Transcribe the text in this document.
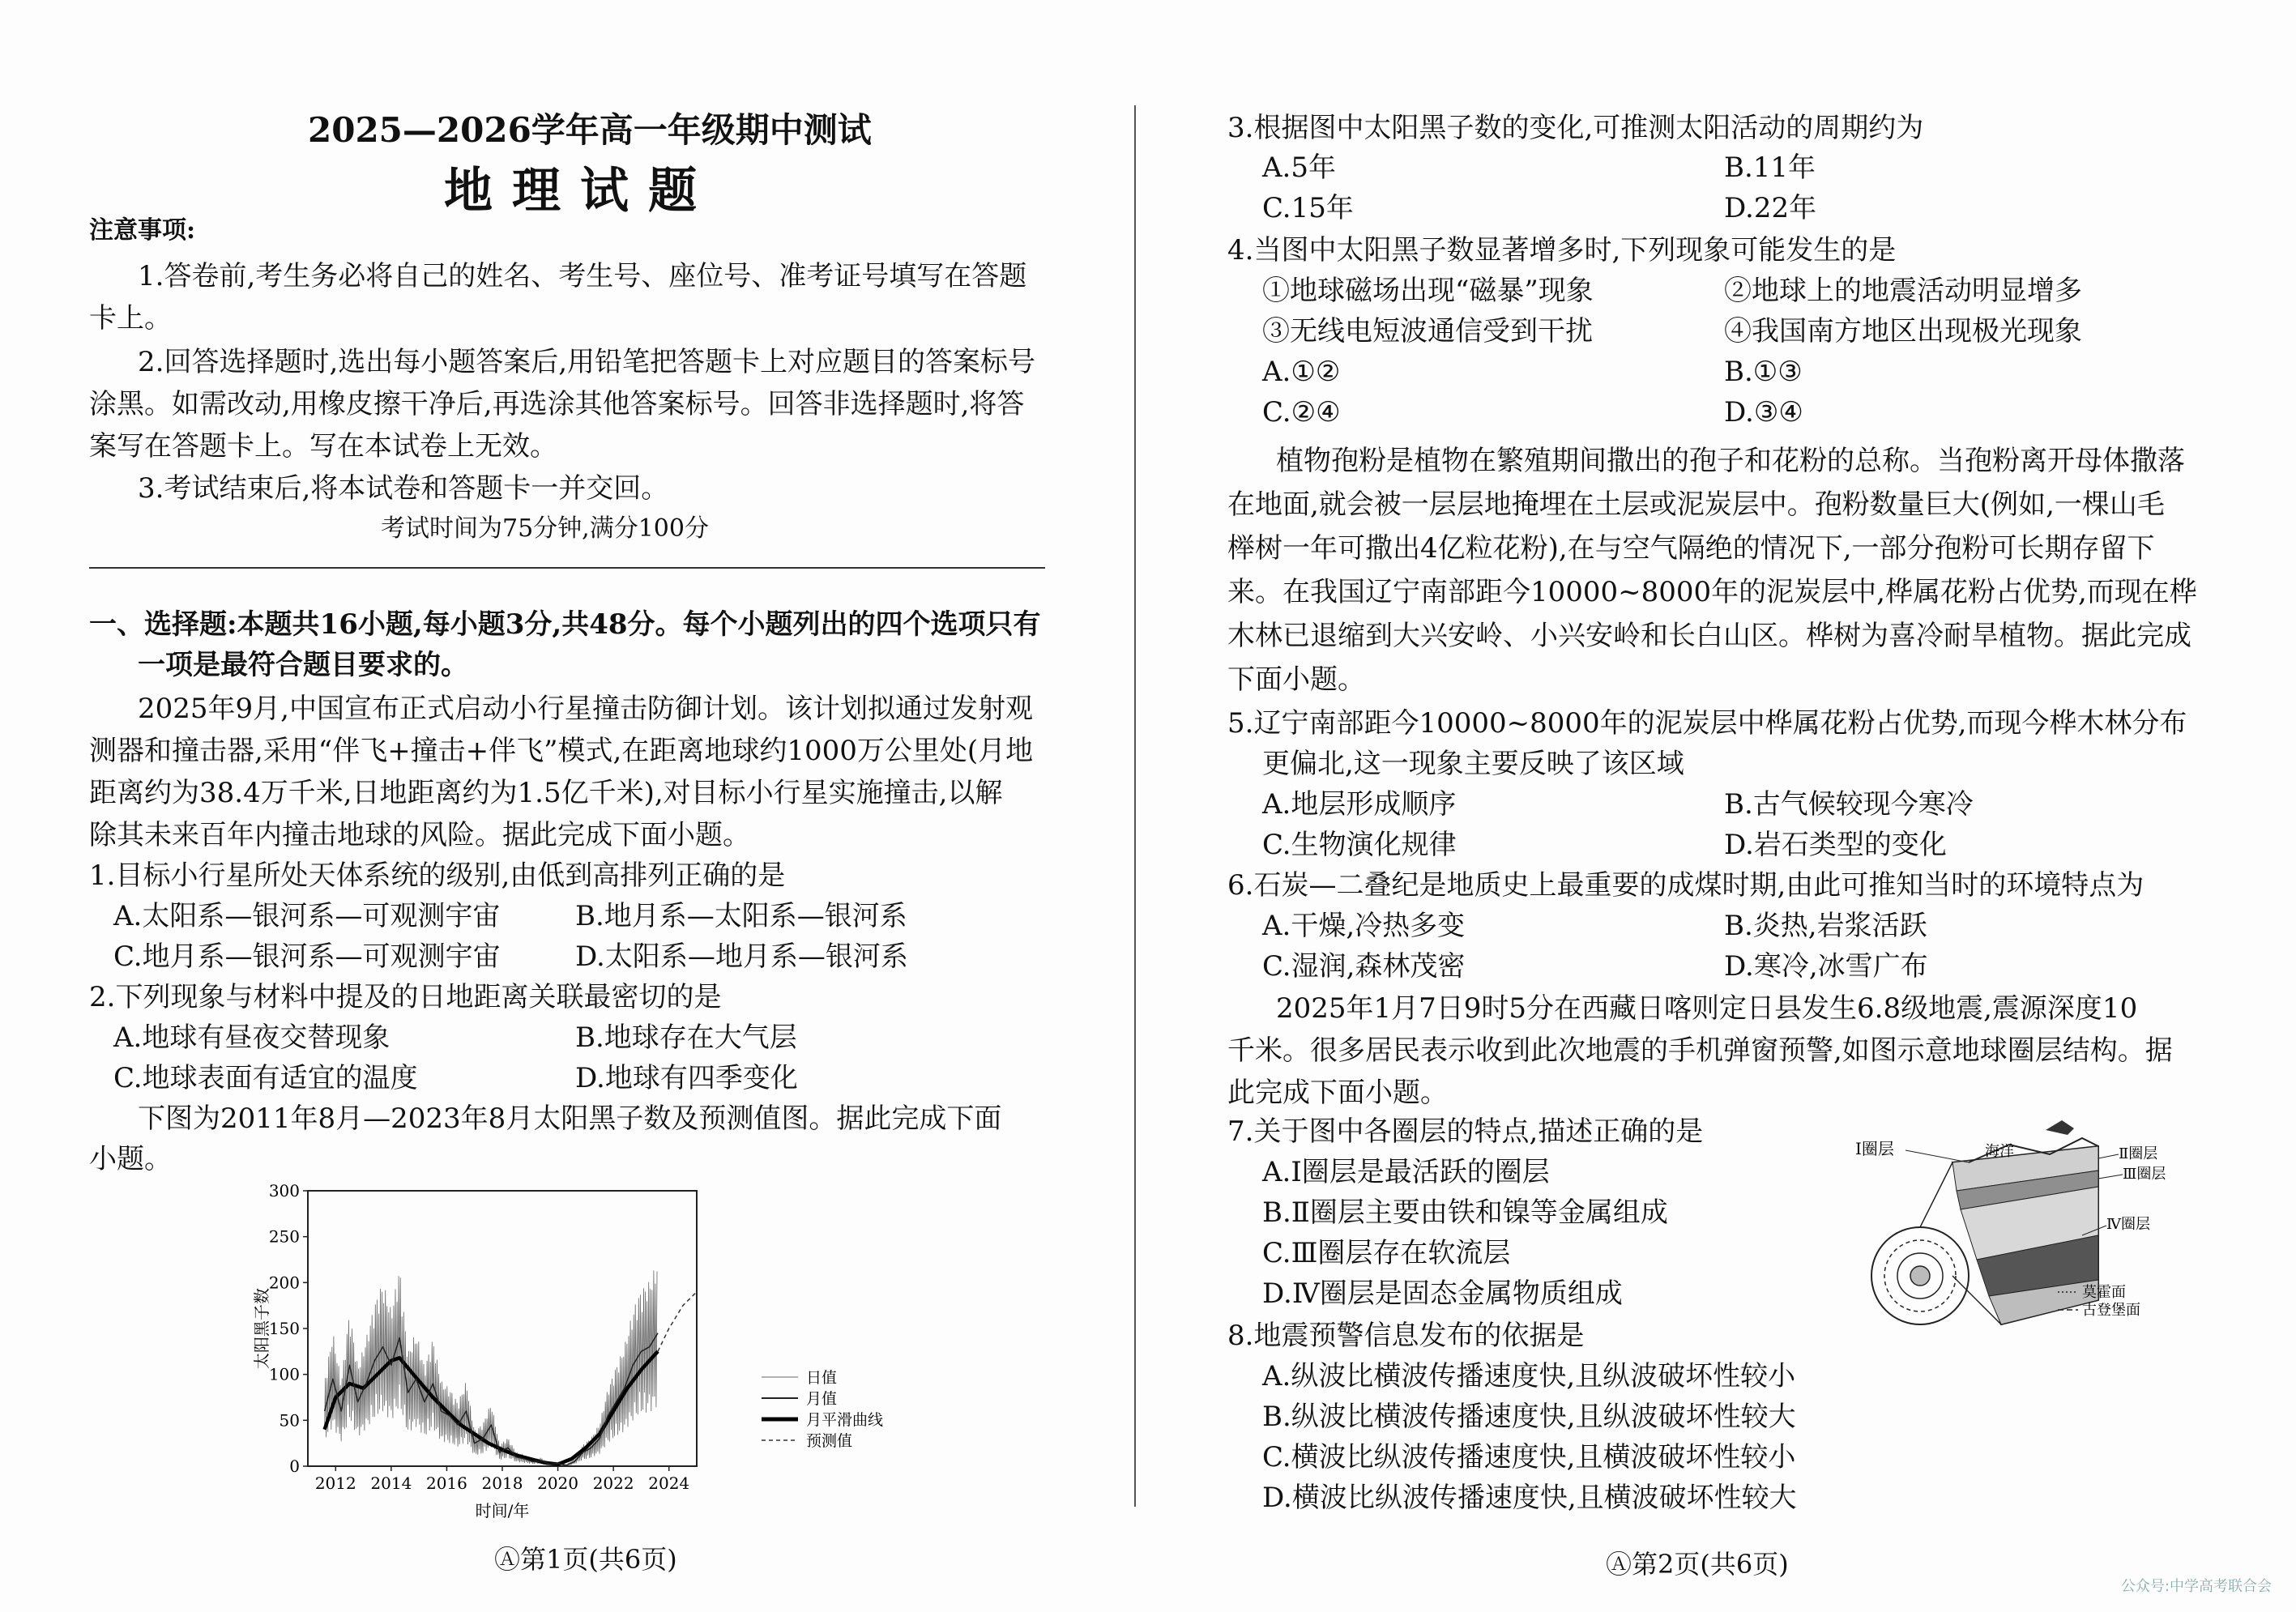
2025—2026学年高一年级期中测试
地理试题
注意事项:
1.答卷前,考生务必将自己的姓名、考生号、座位号、准考证号填写在答题
卡上。
2.回答选择题时,选出每小题答案后,用铅笔把答题卡上对应题目的答案标号
涂黑。如需改动,用橡皮擦干净后,再选涂其他答案标号。回答非选择题时,将答
案写在答题卡上。写在本试卷上无效。
3.考试结束后,将本试卷和答题卡一并交回。
考试时间为75分钟,满分100分
一、选择题:本题共16小题,每小题3分,共48分。每个小题列出的四个选项只有
一项是最符合题目要求的。
2025年9月,中国宣布正式启动小行星撞击防御计划。该计划拟通过发射观
测器和撞击器,采用“伴飞+撞击+伴飞”模式,在距离地球约1000万公里处(月地
距离约为38.4万千米,日地距离约为1.5亿千米),对目标小行星实施撞击,以解
除其未来百年内撞击地球的风险。据此完成下面小题。
1.目标小行星所处天体系统的级别,由低到高排列正确的是
A.太阳系—银河系—可观测宇宙	B.地月系—太阳系—银河系
C.地月系—银河系—可观测宇宙	D.太阳系—地月系—银河系
2.下列现象与材料中提及的日地距离关联最密切的是
A.地球有昼夜交替现象	B.地球存在大气层
C.地球表面有适宜的温度	D.地球有四季变化
下图为2011年8月—2023年8月太阳黑子数及预测值图。据此完成下面
小题。
0
50
100
150
200
250
300
2012 2014 2016 2018 2020 2022 2024
时间/年
太阳黑子数
日值
月值
月平滑曲线
预测值
Ⓐ第1页(共6页)
3.根据图中太阳黑子数的变化,可推测太阳活动的周期约为
A.5年	B.11年
C.15年	D.22年
4.当图中太阳黑子数显著增多时,下列现象可能发生的是
①地球磁场出现“磁暴”现象	②地球上的地震活动明显增多
③无线电短波通信受到干扰	④我国南方地区出现极光现象
A.①②	B.①③
C.②④	D.③④
植物孢粉是植物在繁殖期间撒出的孢子和花粉的总称。当孢粉离开母体撒落
在地面,就会被一层层地掩埋在土层或泥炭层中。孢粉数量巨大(例如,一棵山毛
榉树一年可撒出4亿粒花粉),在与空气隔绝的情况下,一部分孢粉可长期存留下
来。在我国辽宁南部距今10000~8000年的泥炭层中,桦属花粉占优势,而现在桦
木林已退缩到大兴安岭、小兴安岭和长白山区。桦树为喜冷耐旱植物。据此完成
下面小题。
5.辽宁南部距今10000~8000年的泥炭层中桦属花粉占优势,而现今桦木林分布
更偏北,这一现象主要反映了该区域
A.地层形成顺序	B.古气候较现今寒冷
C.生物演化规律	D.岩石类型的变化
6.石炭—二叠纪是地质史上最重要的成煤时期,由此可推知当时的环境特点为
A.干燥,冷热多变	B.炎热,岩浆活跃
C.湿润,森林茂密	D.寒冷,冰雪广布
2025年1月7日9时5分在西藏日喀则定日县发生6.8级地震,震源深度10
千米。很多居民表示收到此次地震的手机弹窗预警,如图示意地球圈层结构。据
此完成下面小题。
7.关于图中各圈层的特点,描述正确的是
A.Ⅰ圈层是最活跃的圈层
B.Ⅱ圈层主要由铁和镍等金属组成
C.Ⅲ圈层存在软流层
D.Ⅳ圈层是固态金属物质组成
8.地震预警信息发布的依据是
A.纵波比横波传播速度快,且纵波破坏性较小
B.纵波比横波传播速度快,且纵波破坏性较大
C.横波比纵波传播速度快,且横波破坏性较小
D.横波比纵波传播速度快,且横波破坏性较大
Ⓐ第2页(共6页)
Ⅰ圈层	海洋	Ⅱ圈层
Ⅲ圈层
Ⅳ圈层
莫霍面
古登堡面
公众号:中学高考联合会
